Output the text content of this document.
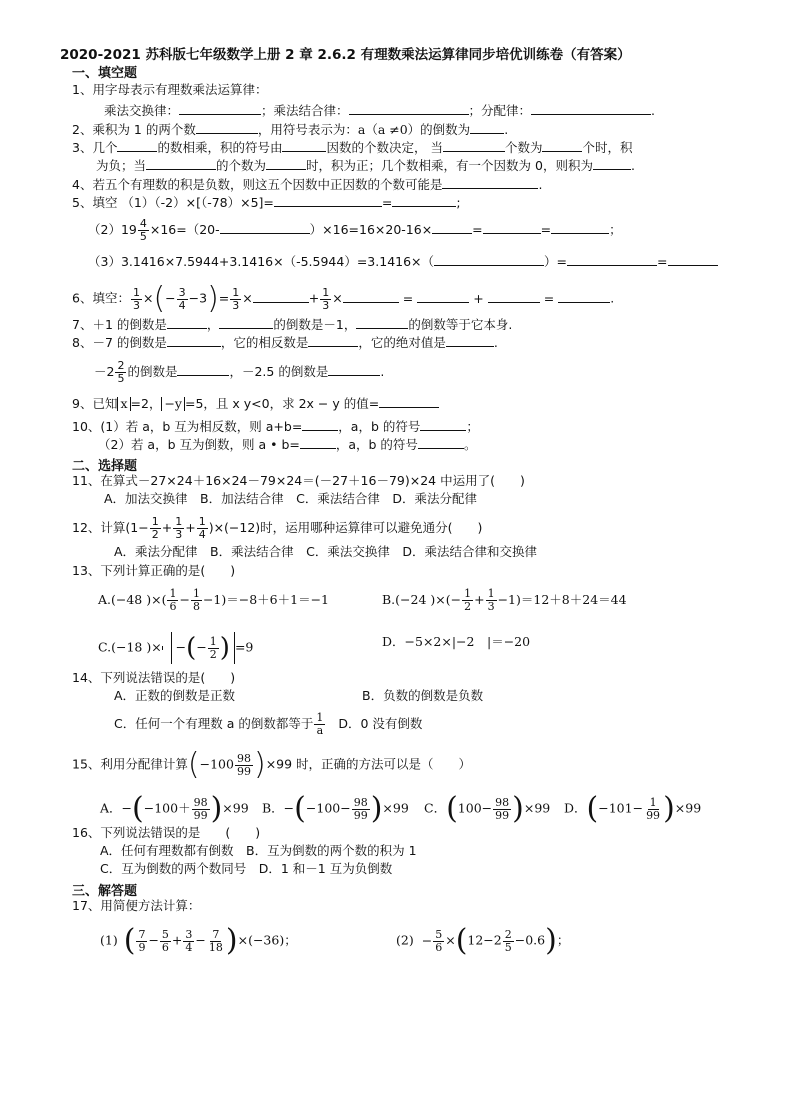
2020-2021 苏科版七年级数学上册 2 章 2.6.2 有理数乘法运算律同步培优训练卷（有答案）
一、填空题
1、用字母表示有理数乘法运算律：
乘法交换律：	；乘法结合律：	；分配律：	.
2、乘积为 1 的两个数	，用符号表示为：a（a ≠0）的倒数为	.
3、几个	的数相乘，积的符号由	因数的个数决定， 当	个数为	个时，积
为负；当	的个数为	时，积为正；几个数相乘，有一个因数为 0，则积为	.
4、若五个有理数的积是负数，则这五个因数中正因数的个数可能是	.
5、填空 （1）（-2）×[（-78）×5]=	=	;
$(2)19 \frac{4}{5} \times 16=(20-$	）×16=16×20-16×	=	=	；
（3）3.1416×7.5944+3.1416×（-5.5944）=3.1416×（	）=	=
6、填空： $\frac{1}{3}$ ×(− $\frac{3}{4} -3)= \frac{1}{3}$ ×	+ $\frac{1}{3}$ ×	=	+	=	.
7、＋1 的倒数是	，	的倒数是－1，	的倒数等于它本身.
8、－7 的倒数是	，它的相反数是	，它的绝对值是	.
$-2 \frac{2}{5}$ 的倒数是	，－2.5 的倒数是	.
9、已知 x =2， −y =5，且 x y<0，求 2x − y 的值=
10、(1）若 a，b 互为相反数，则 a+b=	，a，b 的符号	；
（2）若 a，b 互为倒数，则 a • b=	，a，b 的符号	。
二、选择题
11、在算式－27×24＋16×24－79×24＝(－27＋16－79)×24 中运用了(　　)
A．加法交换律　B．加法结合律　C．乘法结合律　D．乘法分配律
12、计算$(1- \frac{1}{2} + \frac{1}{3} + \frac{1}{4} )\times(-12)$时，运用哪种运算律可以避免通分(　　)
A．乘法分配律　B．乘法结合律　C．乘法交换律　D．乘法结合律和交换律
13、下列计算正确的是(　　)
A.(−48 )×( $\frac{1}{6} - \frac{1}{8} -1)=-8+6+1=-1$	B.(−24 )×(− $\frac{1}{2} + \frac{1}{3} -1)=12+8+24=44$
C.(−18 )× −(− $\frac{1}{2}$ ) =9	D．−5×2×|−2　|＝−20
14、下列说法错误的是(　　)
A．正数的倒数是正数	B．负数的倒数是负数
C．任何一个有理数 a 的倒数都等于 $\frac{1}{a}$ D．0 没有倒数
15、利用分配律计算$(-100 \frac{98}{99} )\times 99$ 时，正确的方法可以是（　　）
A．$-(-100+ \frac{98}{99} )\times 99$ B．$-(-100- \frac{98}{99} )\times 99$ C．$(100- \frac{98}{99} )\times 99$ D．$(-101- \frac{1}{99} )\times 99$
16、下列说法错误的是　　(　　)
A．任何有理数都有倒数　B．互为倒数的两个数的积为 1
C．互为倒数的两个数同号　D．1 和－1 互为负倒数
三、解答题
17、用简便方法计算：
(1) ( $\frac{7}{9} - \frac{5}{6} + \frac{3}{4} - \frac{7}{18} )\times(-36)$；	$(2) - \frac{5}{6} \times(12-2 \frac{2}{5} -0.6)$；
